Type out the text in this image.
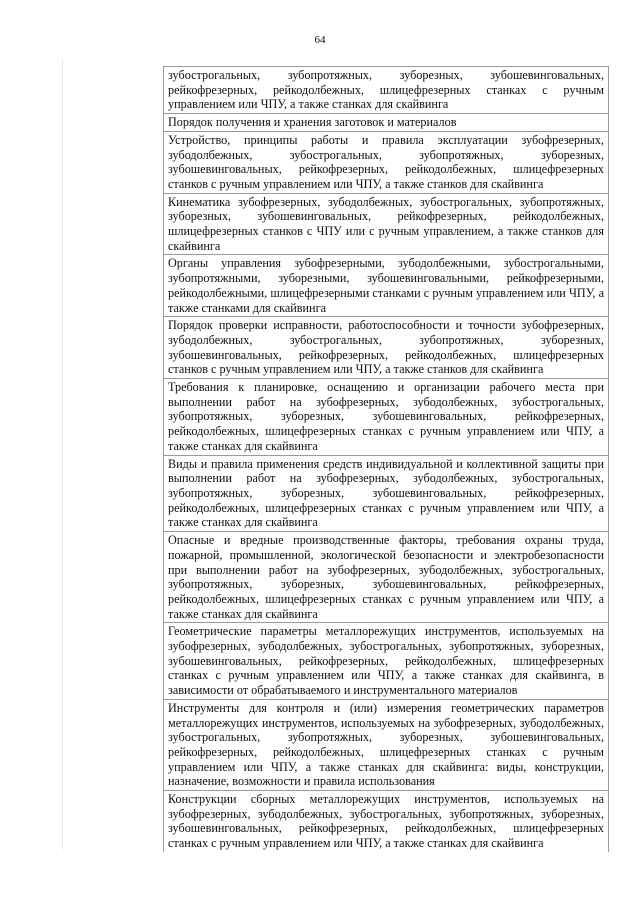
64
зубострогальных, зубопротяжных, зуборезных, зубошевинговальных, рейкофрезерных, рейкодолбежных, шлицефрезерных станках с ручным управлением или ЧПУ, а также станках для скайвинга
Порядок получения и хранения заготовок и материалов
Устройство, принципы работы и правила эксплуатации зубофрезерных, зубодолбежных, зубострогальных, зубопротяжных, зуборезных, зубошевинговальных, рейкофрезерных, рейкодолбежных, шлицефрезерных станков с ручным управлением или ЧПУ, а также станков для скайвинга
Кинематика зубофрезерных, зубодолбежных, зубострогальных, зубопротяжных, зуборезных, зубошевинговальных, рейкофрезерных, рейкодолбежных, шлицефрезерных станков с ЧПУ или с ручным управлением, а также станков для скайвинга
Органы управления зубофрезерными, зубодолбежными, зубострогальными, зубопротяжными, зуборезными, зубошевинговальными, рейкофрезерными, рейкодолбежными, шлицефрезерными станками с ручным управлением или ЧПУ, а также станками для скайвинга
Порядок проверки исправности, работоспособности и точности зубофрезерных, зубодолбежных, зубострогальных, зубопротяжных, зуборезных, зубошевинговальных, рейкофрезерных, рейкодолбежных, шлицефрезерных станков с ручным управлением или ЧПУ, а также станков для скайвинга
Требования к планировке, оснащению и организации рабочего места при выполнении работ на зубофрезерных, зубодолбежных, зубострогальных, зубопротяжных, зуборезных, зубошевинговальных, рейкофрезерных, рейкодолбежных, шлицефрезерных станках с ручным управлением или ЧПУ, а также станках для скайвинга
Виды и правила применения средств индивидуальной и коллективной защиты при выполнении работ на зубофрезерных, зубодолбежных, зубострогальных, зубопротяжных, зуборезных, зубошевинговальных, рейкофрезерных, рейкодолбежных, шлицефрезерных станках с ручным управлением или ЧПУ, а также станках для скайвинга
Опасные и вредные производственные факторы, требования охраны труда, пожарной, промышленной, экологической безопасности и электробезопасности при выполнении работ на зубофрезерных, зубодолбежных, зубострогальных, зубопротяжных, зуборезных, зубошевинговальных, рейкофрезерных, рейкодолбежных, шлицефрезерных станках с ручным управлением или ЧПУ, а также станках для скайвинга
Геометрические параметры металлорежущих инструментов, используемых на зубофрезерных, зубодолбежных, зубострогальных, зубопротяжных, зуборезных, зубошевинговальных, рейкофрезерных, рейкодолбежных, шлицефрезерных станках с ручным управлением или ЧПУ, а также станках для скайвинга, в зависимости от обрабатываемого и инструментального материалов
Инструменты для контроля и (или) измерения геометрических параметров металлорежущих инструментов, используемых на зубофрезерных, зубодолбежных, зубострогальных, зубопротяжных, зуборезных, зубошевинговальных, рейкофрезерных, рейкодолбежных, шлицефрезерных станках с ручным управлением или ЧПУ, а также станках для скайвинга: виды, конструкции, назначение, возможности и правила использования
Конструкции сборных металлорежущих инструментов, используемых на зубофрезерных, зубодолбежных, зубострогальных, зубопротяжных, зуборезных, зубошевинговальных, рейкофрезерных, рейкодолбежных, шлицефрезерных станках с ручным управлением или ЧПУ, а также станках для скайвинга
